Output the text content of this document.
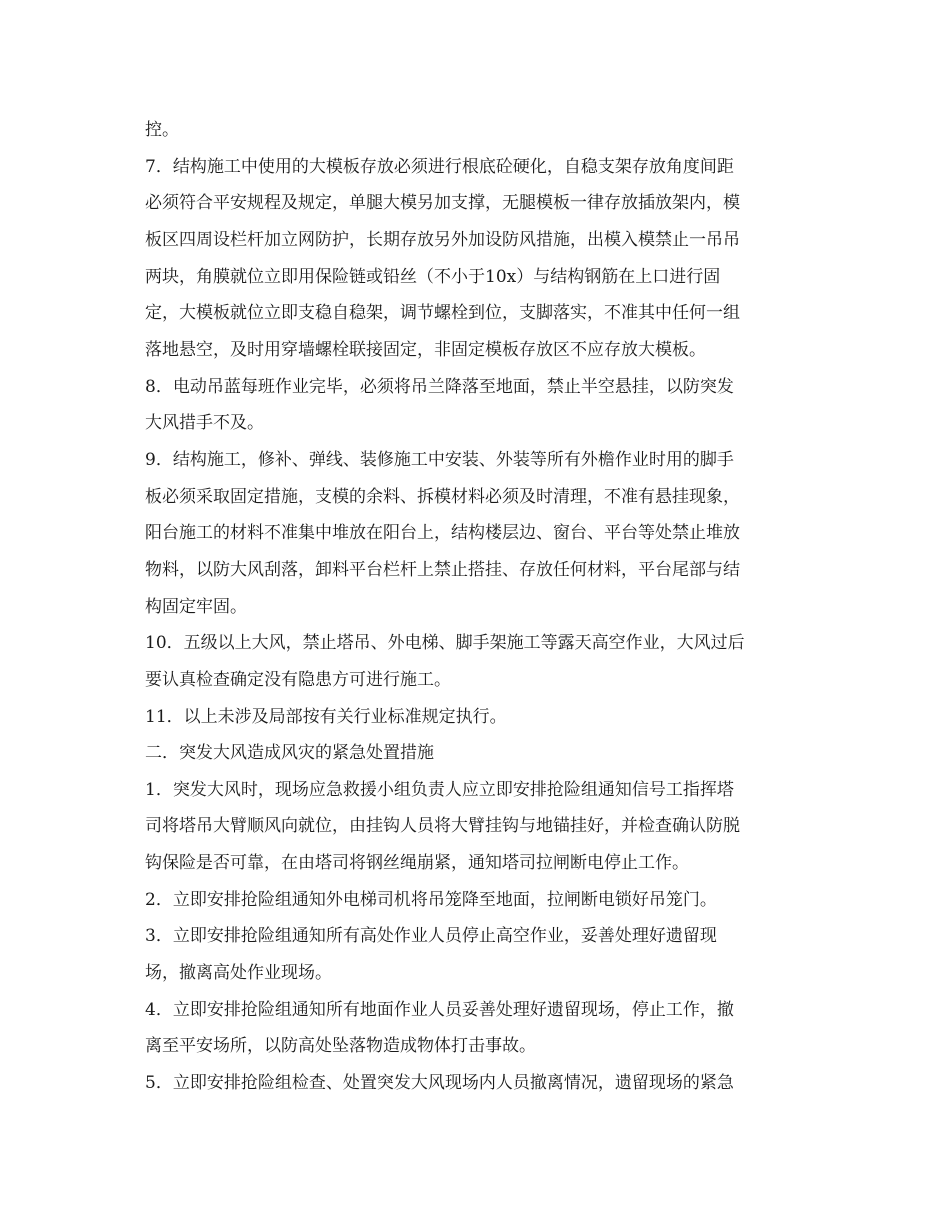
控。
7．结构施工中使用的大模板存放必须进行根底砼硬化，自稳支架存放角度间距
必须符合平安规程及规定，单腿大模另加支撑，无腿模板一律存放插放架内，模
板区四周设栏杆加立网防护，长期存放另外加设防风措施，出模入模禁止一吊吊
两块，角膜就位立即用保险链或铅丝（不小于10x）与结构钢筋在上口进行固
定，大模板就位立即支稳自稳架，调节螺栓到位，支脚落实，不准其中任何一组
落地悬空，及时用穿墙螺栓联接固定，非固定模板存放区不应存放大模板。
8．电动吊蓝每班作业完毕，必须将吊兰降落至地面，禁止半空悬挂，以防突发
大风措手不及。
9．结构施工，修补、弹线、装修施工中安装、外装等所有外檐作业时用的脚手
板必须采取固定措施，支模的余料、拆模材料必须及时清理，不准有悬挂现象，
阳台施工的材料不准集中堆放在阳台上，结构楼层边、窗台、平台等处禁止堆放
物料，以防大风刮落，卸料平台栏杆上禁止搭挂、存放任何材料，平台尾部与结
构固定牢固。
10．五级以上大风，禁止塔吊、外电梯、脚手架施工等露天高空作业，大风过后
要认真检查确定没有隐患方可进行施工。
11．以上未涉及局部按有关行业标准规定执行。
二．突发大风造成风灾的紧急处置措施
1．突发大风时，现场应急救援小组负责人应立即安排抢险组通知信号工指挥塔
司将塔吊大臂顺风向就位，由挂钩人员将大臂挂钩与地锚挂好，并检查确认防脱
钩保险是否可靠，在由塔司将钢丝绳崩紧，通知塔司拉闸断电停止工作。
2．立即安排抢险组通知外电梯司机将吊笼降至地面，拉闸断电锁好吊笼门。
3．立即安排抢险组通知所有高处作业人员停止高空作业，妥善处理好遗留现
场，撤离高处作业现场。
4．立即安排抢险组通知所有地面作业人员妥善处理好遗留现场，停止工作，撤
离至平安场所，以防高处坠落物造成物体打击事故。
5．立即安排抢险组检查、处置突发大风现场内人员撤离情况，遗留现场的紧急
